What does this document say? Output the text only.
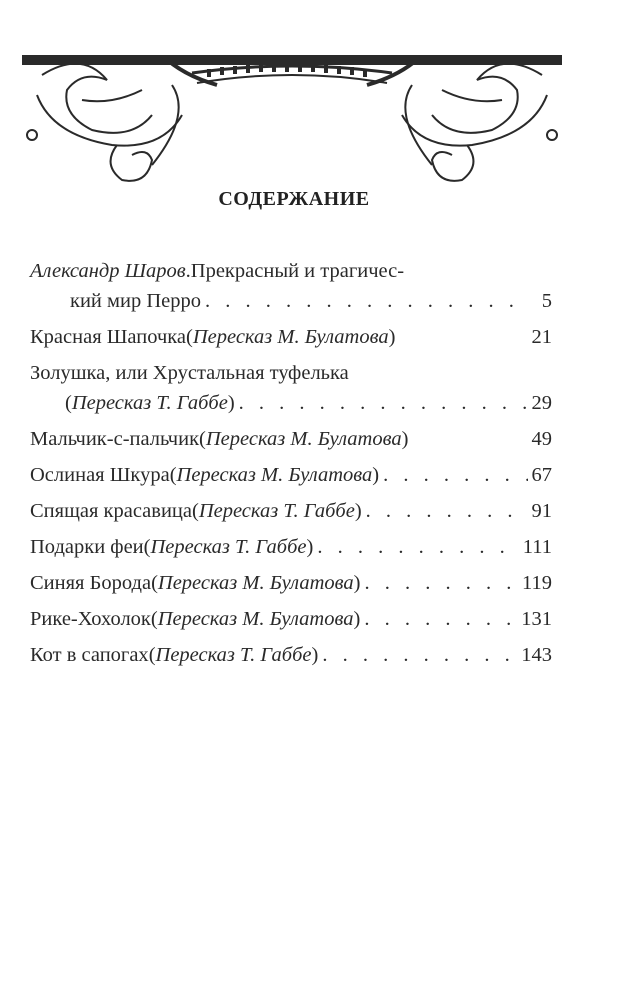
СОДЕРЖАНИЕ
Александр Шаров . Прекрасный и трагичес-
кий мир Перро . . .	5
Красная Шапочка ( Пересказ М. Булатова )	21
Золушка, или Хрустальная туфелька
( Пересказ Т. Габбе ) . . .	29
Мальчик-с-пальчик ( Пересказ М. Булатова )	49
Ослиная Шкура ( Пересказ М. Булатова ) . . .	67
Спящая красавица ( Пересказ Т. Габбе ) . . .	91
Подарки феи ( Пересказ Т. Габбе ) . . .	111
Синяя Борода ( Пересказ М. Булатова ) . . .	119
Рике-Хохолок ( Пересказ М. Булатова ) . . .	131
Кот в сапогах ( Пересказ Т. Габбе ) . . .	143
